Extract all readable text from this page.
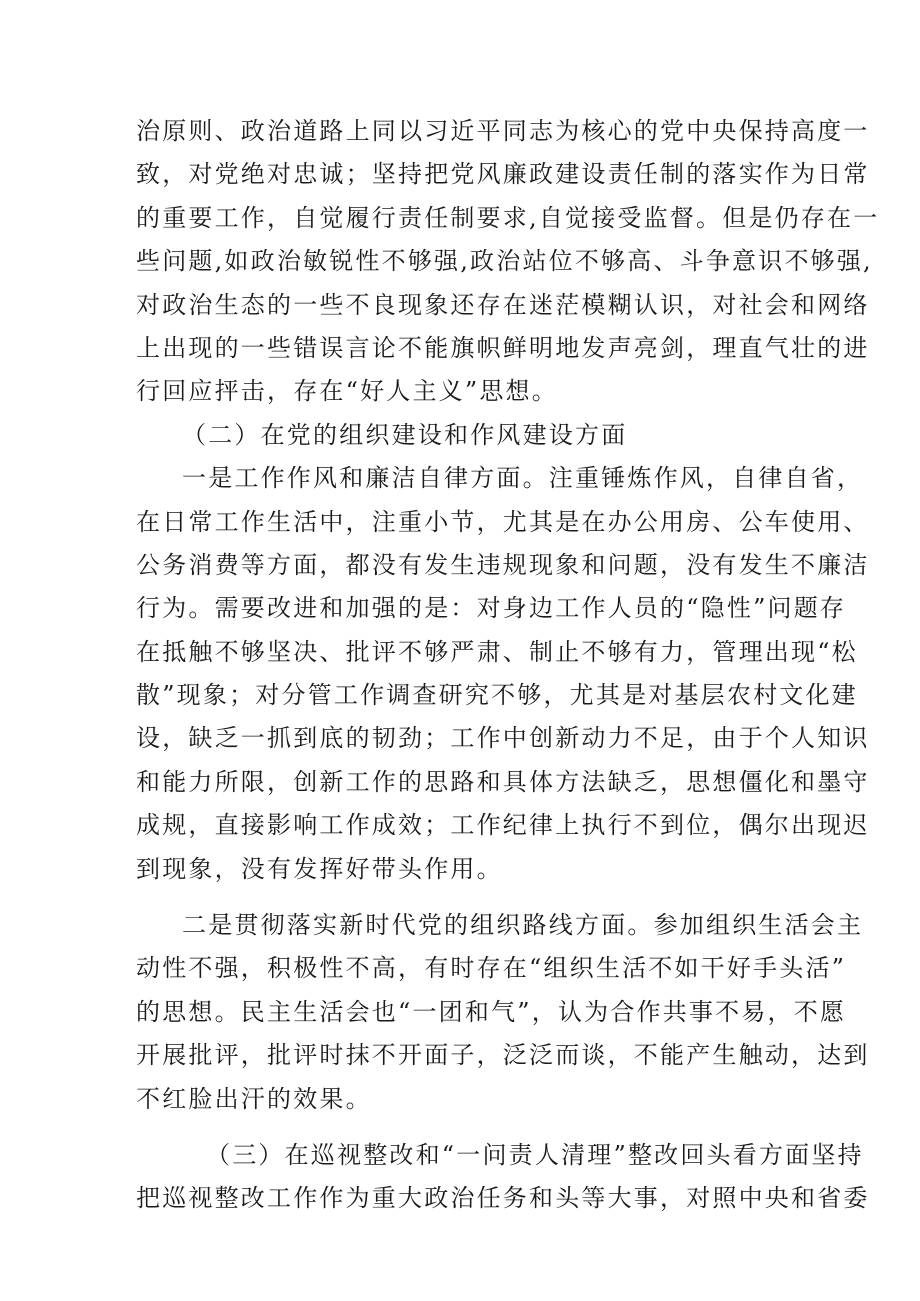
治原则、政治道路上同以习近平同志为核心的党中央保持高度一
致，对党绝对忠诚；坚持把党风廉政建设责任制的落实作为日常
的重要工作，自觉履行责任制要求,自觉接受监督。但是仍存在一
些问题,如政治敏锐性不够强,政治站位不够高、斗争意识不够强,
对政治生态的一些不良现象还存在迷茫模糊认识，对社会和网络
上出现的一些错误言论不能旗帜鲜明地发声亮剑，理直气壮的进
行回应抨击，存在“好人主义”思想。
（二）在党的组织建设和作风建设方面
一是工作作风和廉洁自律方面。注重锤炼作风，自律自省，
在日常工作生活中，注重小节，尤其是在办公用房、公车使用、
公务消费等方面，都没有发生违规现象和问题，没有发生不廉洁
行为。需要改进和加强的是：对身边工作人员的“隐性”问题存
在抵触不够坚决、批评不够严肃、制止不够有力，管理出现“松
散”现象；对分管工作调查研究不够，尤其是对基层农村文化建
设，缺乏一抓到底的韧劲；工作中创新动力不足，由于个人知识
和能力所限，创新工作的思路和具体方法缺乏，思想僵化和墨守
成规，直接影响工作成效；工作纪律上执行不到位，偶尔出现迟
到现象，没有发挥好带头作用。
二是贯彻落实新时代党的组织路线方面。参加组织生活会主
动性不强，积极性不高，有时存在“组织生活不如干好手头活”
的思想。民主生活会也“一团和气”，认为合作共事不易，不愿
开展批评，批评时抹不开面子，泛泛而谈，不能产生触动，达到
不红脸出汗的效果。
（三）在巡视整改和“一问责人清理”整改回头看方面坚持
把巡视整改工作作为重大政治任务和头等大事，对照中央和省委
